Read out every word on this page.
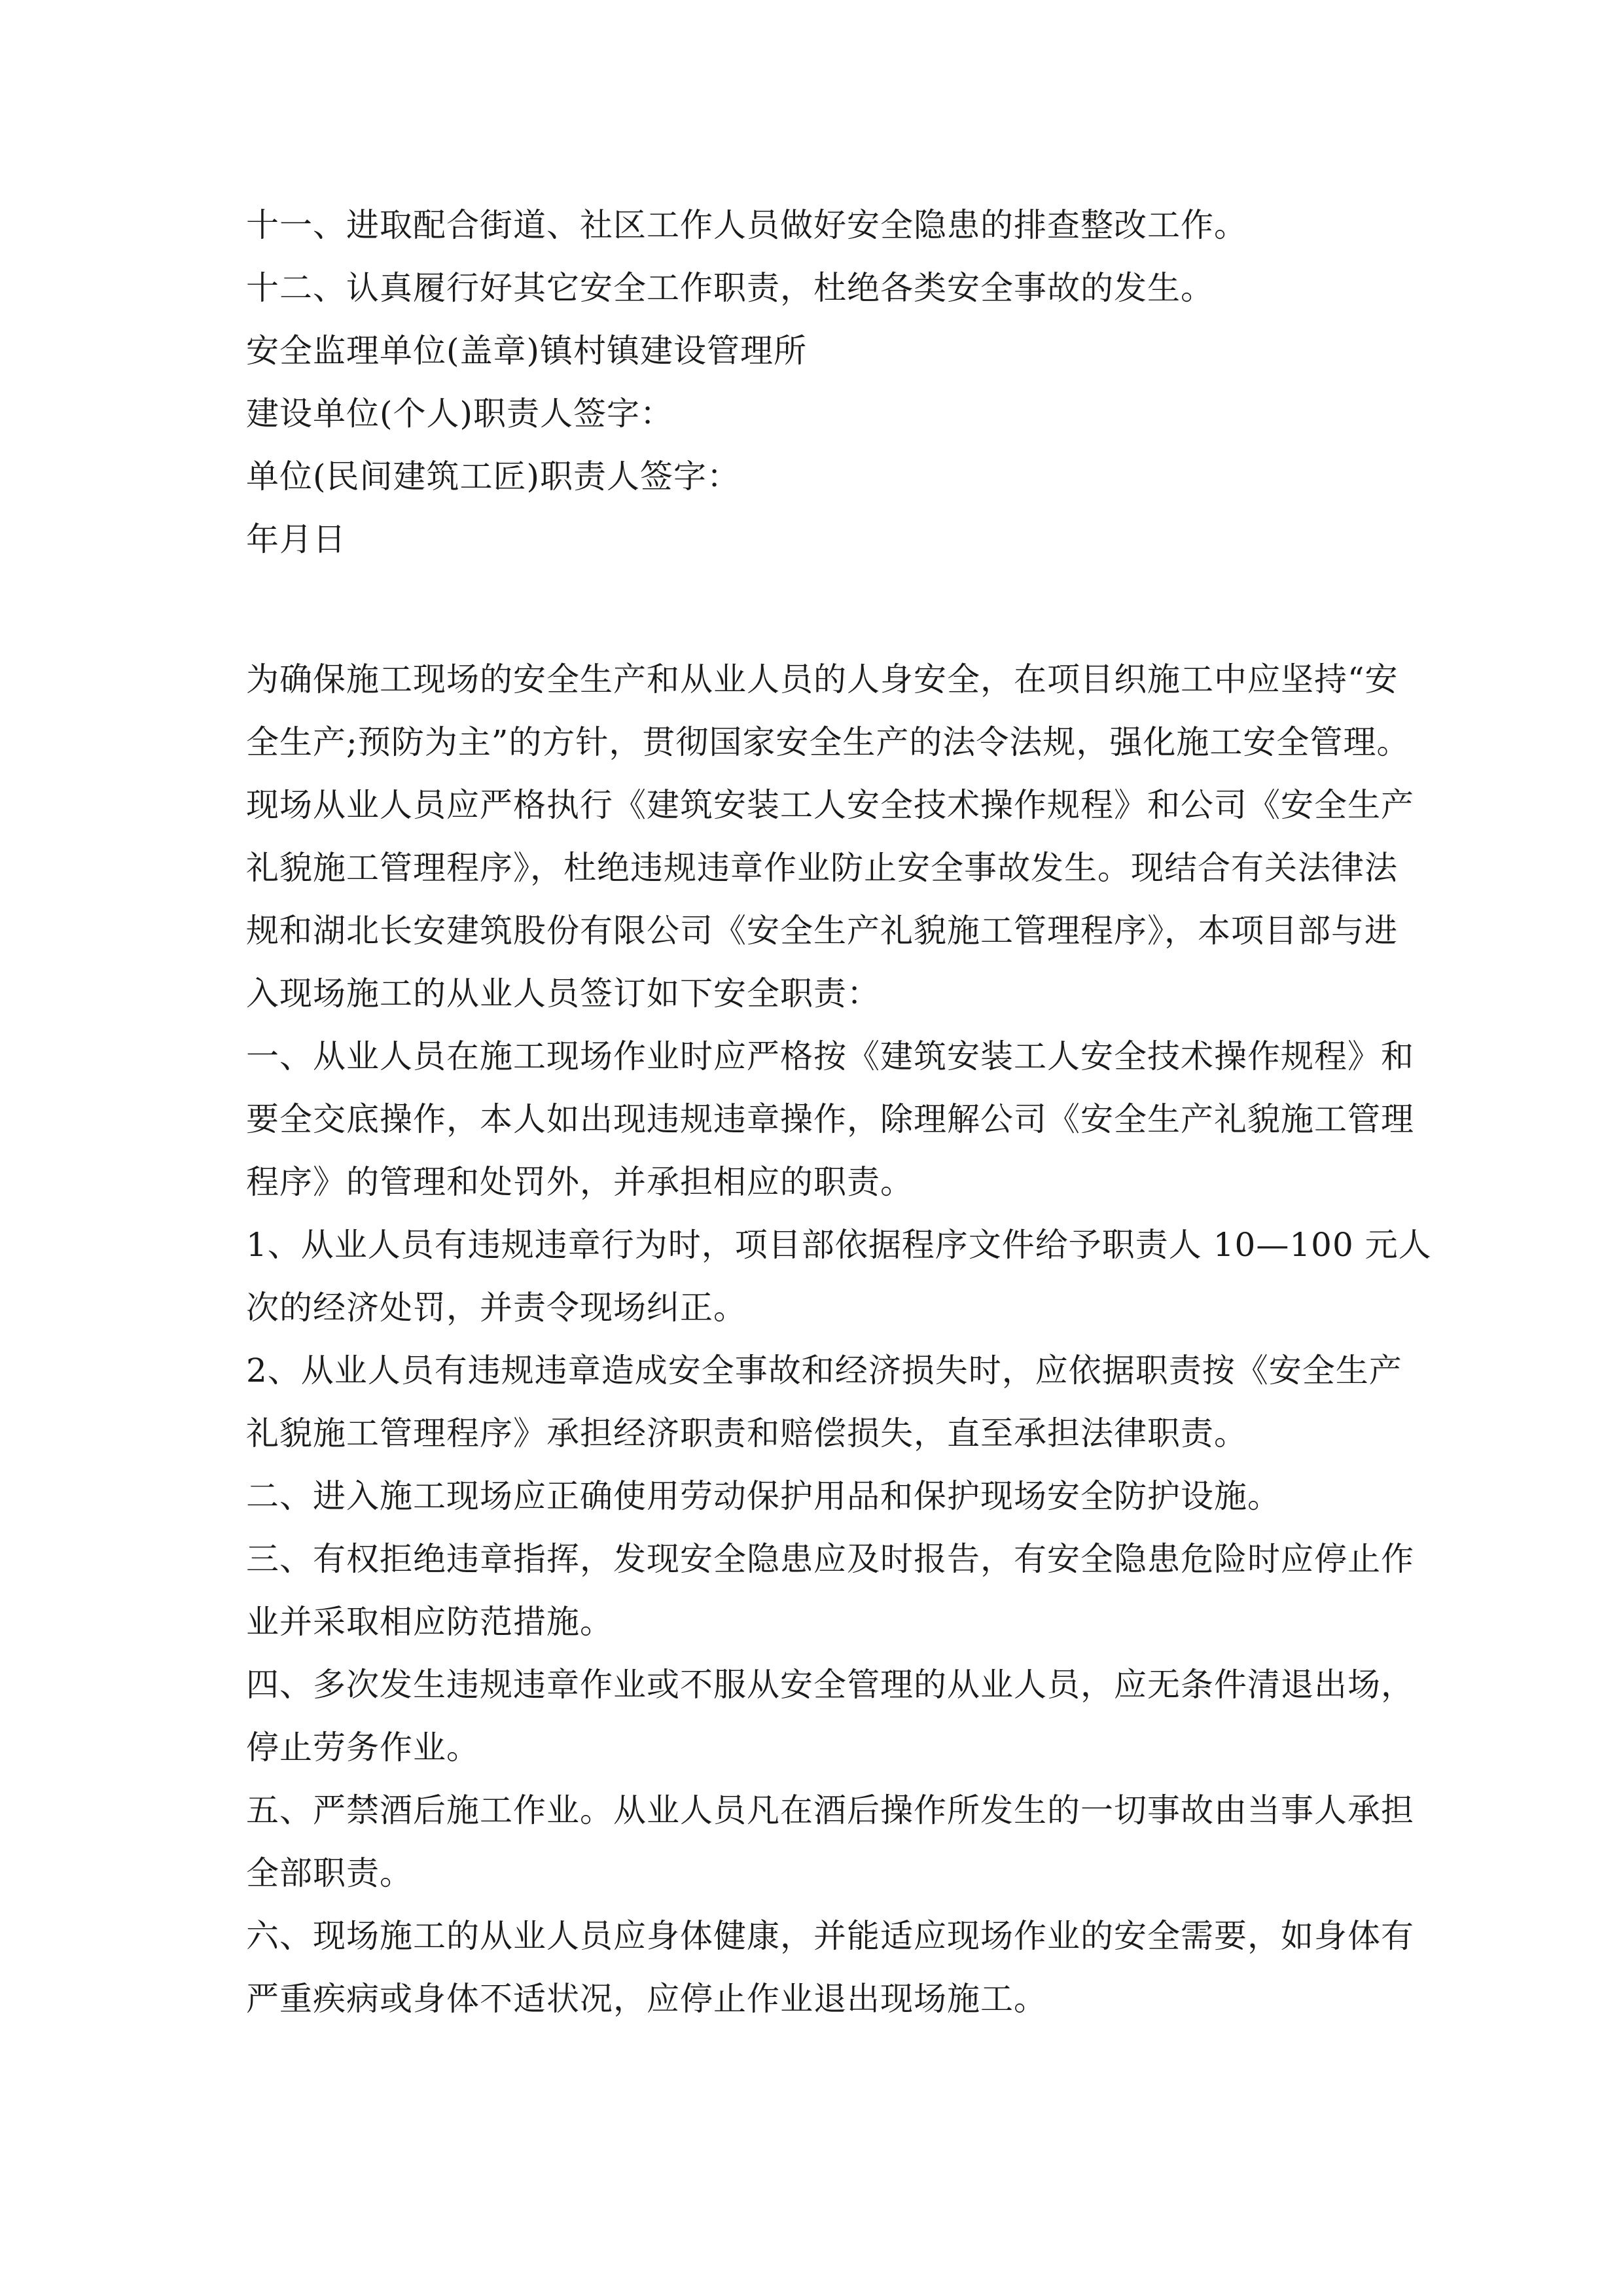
十一、进取配合街道、社区工作人员做好安全隐患的排查整改工作。
十二、认真履行好其它安全工作职责，杜绝各类安全事故的发生。
安全监理单位(盖章)镇村镇建设管理所
建设单位(个人)职责人签字：
单位(民间建筑工匠)职责人签字：
年月日
为确保施工现场的安全生产和从业人员的人身安全，在项目织施工中应坚持“安
全生产;预防为主”的方针，贯彻国家安全生产的法令法规，强化施工安全管理。
现场从业人员应严格执行《建筑安装工人安全技术操作规程》和公司《安全生产
礼貌施工管理程序》，杜绝违规违章作业防止安全事故发生。现结合有关法律法
规和湖北长安建筑股份有限公司《安全生产礼貌施工管理程序》，本项目部与进
入现场施工的从业人员签订如下安全职责：
一、从业人员在施工现场作业时应严格按《建筑安装工人安全技术操作规程》和
要全交底操作，本人如出现违规违章操作，除理解公司《安全生产礼貌施工管理
程序》的管理和处罚外，并承担相应的职责。
1、从业人员有违规违章行为时，项目部依据程序文件给予职责人 10—100 元人
次的经济处罚，并责令现场纠正。
2、从业人员有违规违章造成安全事故和经济损失时，应依据职责按《安全生产
礼貌施工管理程序》承担经济职责和赔偿损失，直至承担法律职责。
二、进入施工现场应正确使用劳动保护用品和保护现场安全防护设施。
三、有权拒绝违章指挥，发现安全隐患应及时报告，有安全隐患危险时应停止作
业并采取相应防范措施。
四、多次发生违规违章作业或不服从安全管理的从业人员，应无条件清退出场，
停止劳务作业。
五、严禁酒后施工作业。从业人员凡在酒后操作所发生的一切事故由当事人承担
全部职责。
六、现场施工的从业人员应身体健康，并能适应现场作业的安全需要，如身体有
严重疾病或身体不适状况，应停止作业退出现场施工。
